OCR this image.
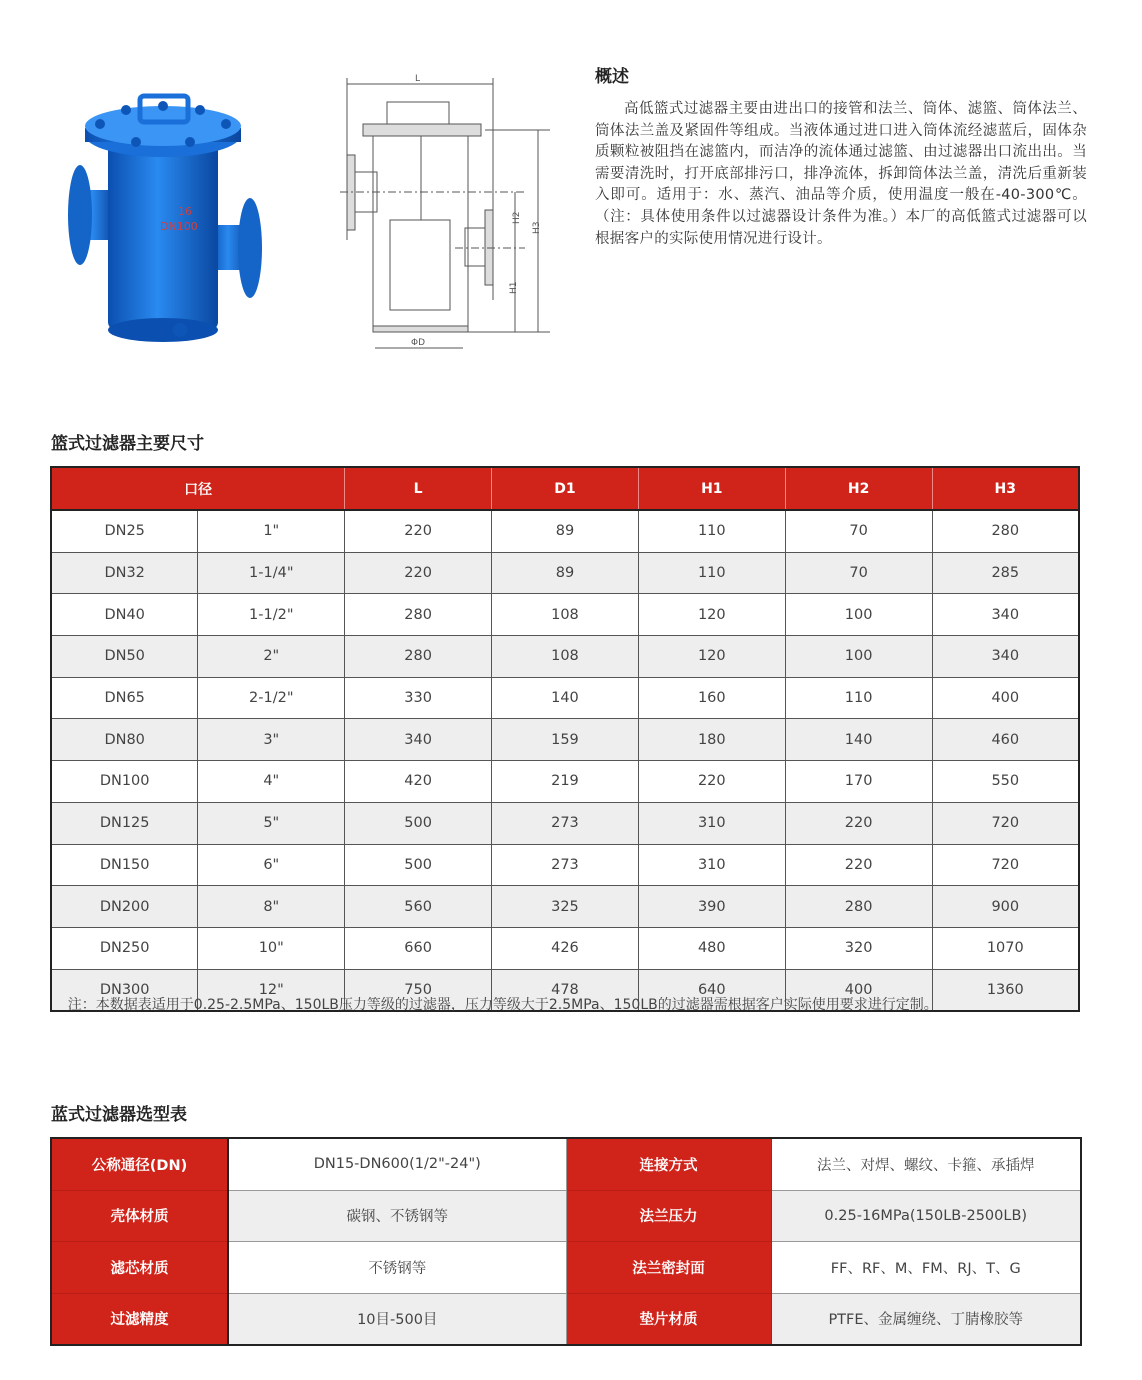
16
DN100
L
H2
H1
H3
ΦD
概述

高低篮式过滤器主要由进出口的接管和法兰、筒体、滤篮、筒体法兰、筒体法兰盖及紧固件等组成。当液体通过进口进入筒体流经滤蓝后，固体杂质颗粒被阻挡在滤篮内，而洁净的流体通过滤篮、由过滤器出口流出出。当需要清洗时，打开底部排污口，排净流体，拆卸筒体法兰盖，清洗后重新装入即可。适用于：水、蒸汽、油品等介质，使用温度一般在-40-300℃。（注：具体使用条件以过滤器设计条件为准。）本厂的高低篮式过滤器可以根据客户的实际使用情况进行设计。

篮式过滤器主要尺寸
口径		L	D1	H1	H2	H3
DN25	1"	220	89	110	70	280
DN32	1-1/4"	220	89	110	70	285
DN40	1-1/2"	280	108	120	100	340
DN50	2"	280	108	120	100	340
DN65	2-1/2"	330	140	160	110	400
DN80	3"	340	159	180	140	460
DN100	4"	420	219	220	170	550
DN125	5"	500	273	310	220	720
DN150	6"	500	273	310	220	720
DN200	8"	560	325	390	280	900
DN250	10"	660	426	480	320	1070
DN300	12"	750	478	640	400	1360
注：本数据表适用于0.25-2.5MPa、150LB压力等级的过滤器，压力等级大于2.5MPa、150LB的过滤器需根据客户实际使用要求进行定制。
蓝式过滤器选型表
公称通径(DN)	DN15-DN600(1/2"-24")	连接方式	法兰、对焊、螺纹、卡箍、承插焊
壳体材质	碳钢、不锈钢等	法兰压力	0.25-16MPa(150LB-2500LB)
滤芯材质	不锈钢等	法兰密封面	FF、RF、M、FM、RJ、T、G
过滤精度	10目-500目	垫片材质	PTFE、金属缠绕、丁腈橡胶等
